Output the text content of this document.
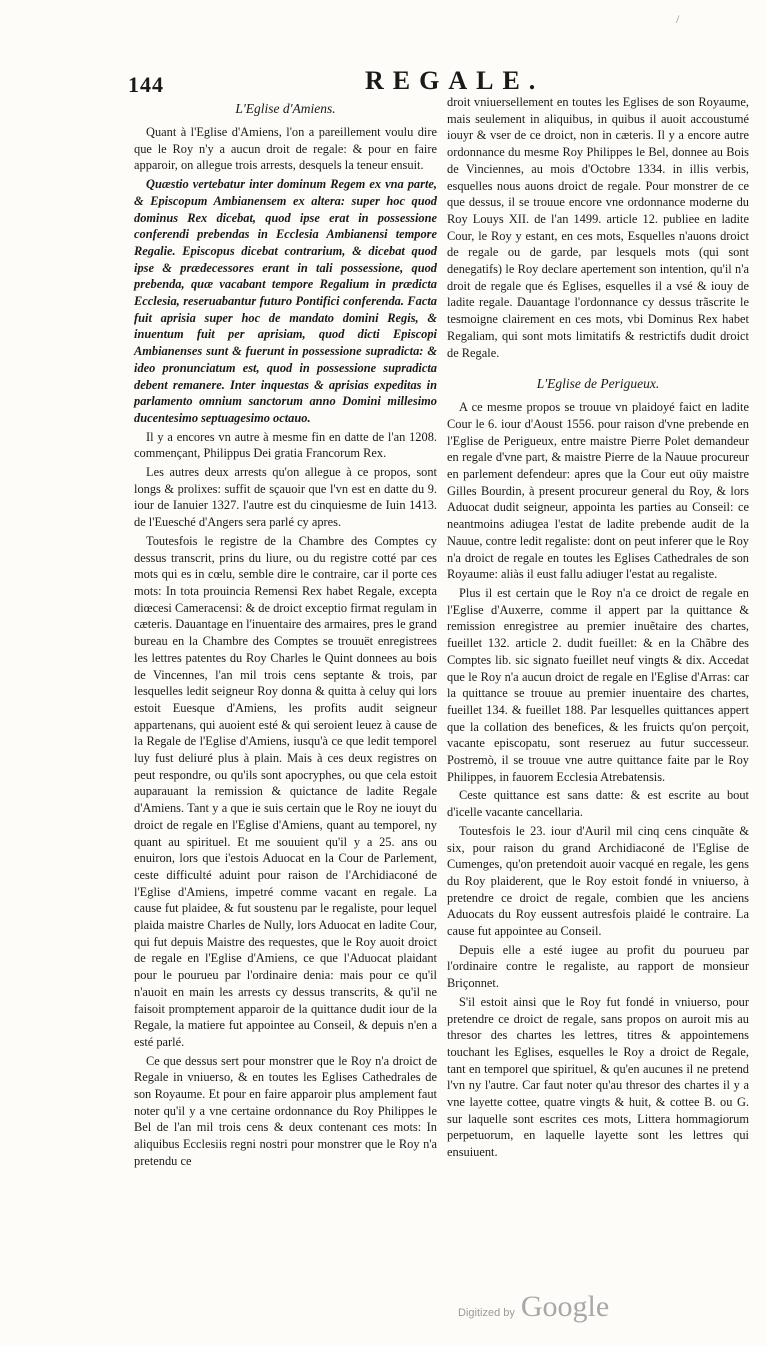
/
144	REGALE.
L'Eglise d'Amiens.

Quant à l'Eglise d'Amiens, l'on a pareillement voulu dire que le Roy n'y a aucun droit de regale: & pour en faire apparoir, on allegue trois arrests, desquels la teneur ensuit.

Quæstio vertebatur inter dominum Regem ex vna parte, & Episcopum Ambianensem ex altera: super hoc quod dominus Rex dicebat, quod ipse erat in possessione conferendi prebendas in Ecclesia Ambianensi tempore Regalie. Episcopus dicebat contrarium, & dicebat quod ipse & prædecessores erant in tali possessione, quod prebenda, quæ vacabant tempore Regalium in prædicta Ecclesia, reseruabantur futuro Pontifici conferenda. Facta fuit aprisia super hoc de mandato domini Regis, & inuentum fuit per aprisiam, quod dicti Episcopi Ambianenses sunt & fuerunt in possessione supradicta: & ideo pronunciatum est, quod in possessione supradicta debent remanere. Inter inquestas & aprisias expeditas in parlamento omnium sanctorum anno Domini millesimo ducentesimo septuagesimo octauo.

Il y a encores vn autre à mesme fin en datte de l'an 1208. commençant, Philippus Dei gratia Francorum Rex.

Les autres deux arrests qu'on allegue à ce propos, sont longs & prolixes: suffit de sçauoir que l'vn est en datte du 9. iour de Ianuier 1327. l'autre est du cinquiesme de Iuin 1413. de l'Euesché d'Angers sera parlé cy apres.

Toutesfois le registre de la Chambre des Comptes cy dessus transcrit, prins du liure, ou du registre cotté par ces mots qui es in cœlu, semble dire le contraire, car il porte ces mots: In tota prouincia Remensi Rex habet Regale, excepta diœcesi Cameracensi: & de droict exceptio firmat regulam in cæteris. Dauantage en l'inuentaire des armaires, pres le grand bureau en la Chambre des Comptes se trouuët enregistrees les lettres patentes du Roy Charles le Quint donnees au bois de Vincennes, l'an mil trois cens septante & trois, par lesquelles ledit seigneur Roy donna & quitta à celuy qui lors estoit Euesque d'Amiens, les profits audit seigneur appartenans, qui auoient esté & qui seroient leuez à cause de la Regale de l'Eglise d'Amiens, iusqu'à ce que ledit temporel luy fust deliuré plus à plain. Mais à ces deux registres on peut respondre, ou qu'ils sont apocryphes, ou que cela estoit auparauant la remission & quictance de ladite Regale d'Amiens. Tant y a que ie suis certain que le Roy ne iouyt du droict de regale en l'Eglise d'Amiens, quant au temporel, ny quant au spirituel. Et me souuient qu'il y a 25. ans ou enuiron, lors que i'estois Aduocat en la Cour de Parlement, ceste difficulté aduint pour raison de l'Archidiaconé de l'Eglise d'Amiens, impetré comme vacant en regale. La cause fut plaidee, & fut soustenu par le regaliste, pour lequel plaida maistre Charles de Nully, lors Aduocat en ladite Cour, qui fut depuis Maistre des requestes, que le Roy auoit droict de regale en l'Eglise d'Amiens, ce que l'Aduocat plaidant pour le pourueu par l'ordinaire denia: mais pour ce qu'il n'auoit en main les arrests cy dessus transcrits, & qu'il ne faisoit promptement apparoir de la quittance dudit iour de la Regale, la matiere fut appointee au Conseil, & depuis n'en a esté parlé.

Ce que dessus sert pour monstrer que le Roy n'a droict de Regale in vniuerso, & en toutes les Eglises Cathedrales de son Royaume. Et pour en faire apparoir plus amplement faut noter qu'il y a vne certaine ordonnance du Roy Philippes le Bel de l'an mil trois cens & deux contenant ces mots: In aliquibus Ecclesiis regni nostri pour monstrer que le Roy n'a pretendu ce

droit vniuersellement en toutes les Eglises de son Royaume, mais seulement in aliquibus, in quibus il auoit accoustumé iouyr & vser de ce droict, non in cæteris. Il y a encore autre ordonnance du mesme Roy Philippes le Bel, donnee au Bois de Vinciennes, au mois d'Octobre 1334. in illis verbis, esquelles nous auons droict de regale. Pour monstrer de ce que dessus, il se trouue encore vne ordonnance moderne du Roy Louys XII. de l'an 1499. article 12. publiee en ladite Cour, le Roy y estant, en ces mots, Esquelles n'auons droict de regale ou de garde, par lesquels mots (qui sont denegatifs) le Roy declare apertement son intention, qu'il n'a droit de regale que és Eglises, esquelles il a vsé & iouy de ladite regale. Dauantage l'ordonnance cy dessus trãscrite le tesmoigne clairement en ces mots, vbi Dominus Rex habet Regaliam, qui sont mots limitatifs & restrictifs dudit droict de Regale.

L'Eglise de Perigueux.

A ce mesme propos se trouue vn plaidoyé faict en ladite Cour le 6. iour d'Aoust 1556. pour raison d'vne prebende en l'Eglise de Perigueux, entre maistre Pierre Polet demandeur en regale d'vne part, & maistre Pierre de la Nauue procureur en parlement defendeur: apres que la Cour eut oüy maistre Gilles Bourdin, à present procureur general du Roy, & lors Aduocat dudit seigneur, appointa les parties au Conseil: ce neantmoins adiugea l'estat de ladite prebende audit de la Nauue, contre ledit regaliste: dont on peut inferer que le Roy n'a droict de regale en toutes les Eglises Cathedrales de son Royaume: aliàs il eust fallu adiuger l'estat au regaliste.

Plus il est certain que le Roy n'a ce droict de regale en l'Eglise d'Auxerre, comme il appert par la quittance & remission enregistree au premier inuẽtaire des chartes, fueillet 132. article 2. dudit fueillet: & en la Chãbre des Comptes lib. sic signato fueillet neuf vingts & dix. Accedat que le Roy n'a aucun droict de regale en l'Eglise d'Arras: car la quittance se trouue au premier inuentaire des chartes, fueillet 134. & fueillet 188. Par lesquelles quittances appert que la collation des benefices, & les fruicts qu'on perçoit, vacante episcopatu, sont reseruez au futur successeur. Postremò, il se trouue vne autre quittance faite par le Roy Philippes, in fauorem Ecclesia Atrebatensis.

Ceste quittance est sans datte: & est escrite au bout d'icelle vacante cancellaria.

Toutesfois le 23. iour d'Auril mil cinq cens cinquãte & six, pour raison du grand Archidiaconé de l'Eglise de Cumenges, qu'on pretendoit auoir vacqué en regale, les gens du Roy plaiderent, que le Roy estoit fondé in vniuerso, à pretendre ce droict de regale, combien que les anciens Aduocats du Roy eussent autresfois plaidé le contraire. La cause fut appointee au Conseil.

Depuis elle a esté iugee au profit du pourueu par l'ordinaire contre le regaliste, au rapport de monsieur Briçonnet.

S'il estoit ainsi que le Roy fut fondé in vniuerso, pour pretendre ce droict de regale, sans propos on auroit mis au thresor des chartes les lettres, titres & appointemens touchant les Eglises, esquelles le Roy a droict de Regale, tant en temporel que spirituel, & qu'en aucunes il ne pretend l'vn ny l'autre. Car faut noter qu'au thresor des chartes il y a vne layette cottee, quatre vingts & huit, & cottee B. ou G. sur laquelle sont escrites ces mots, Littera hommagiorum perpetuorum, en laquelle layette sont les lettres qui ensuiuent.

Digitized by Google
